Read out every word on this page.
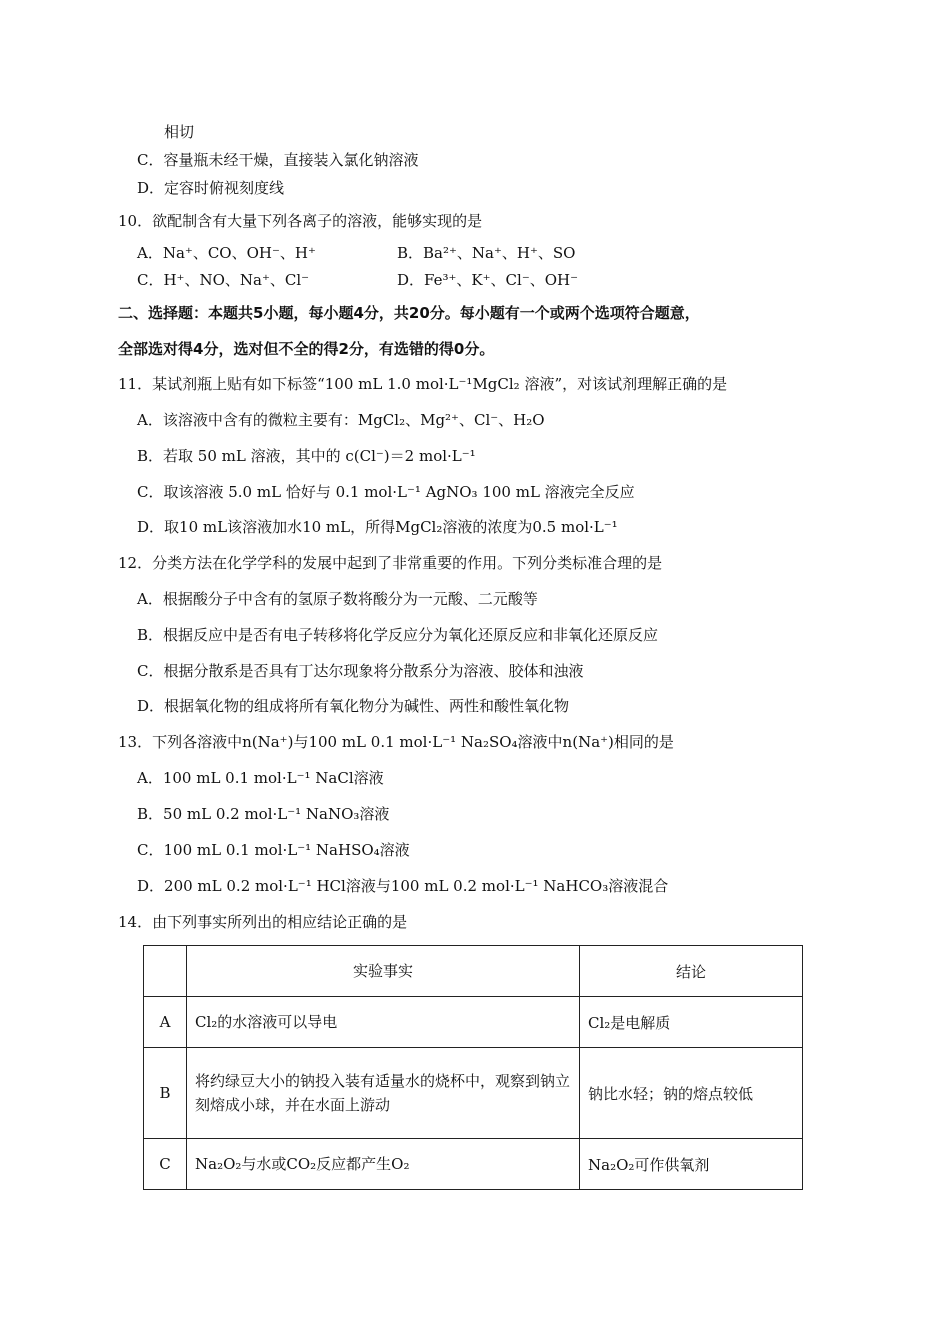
相切
C．容量瓶未经干燥，直接装入氯化钠溶液
D．定容时俯视刻度线
10．欲配制含有大量下列各离子的溶液，能够实现的是
A．Na⁺、CO、OH⁻、H⁺	B．Ba²⁺、Na⁺、H⁺、SO
C．H⁺、NO、Na⁺、Cl⁻	D．Fe³⁺、K⁺、Cl⁻、OH⁻
二、选择题：本题共5小题，每小题4分，共20分。每小题有一个或两个选项符合题意，
全部选对得4分，选对但不全的得2分，有选错的得0分。
11．某试剂瓶上贴有如下标签“100 mL 1.0 mol·L⁻¹MgCl₂ 溶液”，对该试剂理解正确的是
A．该溶液中含有的微粒主要有：MgCl₂、Mg²⁺、Cl⁻、H₂O
B．若取 50 mL 溶液，其中的 c(Cl⁻)＝2 mol·L⁻¹
C．取该溶液 5.0 mL 恰好与 0.1 mol·L⁻¹ AgNO₃ 100 mL 溶液完全反应
D．取10 mL该溶液加水10 mL，所得MgCl₂溶液的浓度为0.5 mol·L⁻¹
12．分类方法在化学学科的发展中起到了非常重要的作用。下列分类标准合理的是
A．根据酸分子中含有的氢原子数将酸分为一元酸、二元酸等
B．根据反应中是否有电子转移将化学反应分为氧化还原反应和非氧化还原反应
C．根据分散系是否具有丁达尔现象将分散系分为溶液、胶体和浊液
D．根据氧化物的组成将所有氧化物分为碱性、两性和酸性氧化物
13．下列各溶液中n(Na⁺)与100 mL 0.1 mol·L⁻¹ Na₂SO₄溶液中n(Na⁺)相同的是
A．100 mL 0.1 mol·L⁻¹ NaCl溶液
B．50 mL 0.2 mol·L⁻¹ NaNO₃溶液
C．100 mL 0.1 mol·L⁻¹ NaHSO₄溶液
D．200 mL 0.2 mol·L⁻¹ HCl溶液与100 mL 0.2 mol·L⁻¹ NaHCO₃溶液混合
14．由下列事实所列出的相应结论正确的是
	实验事实	结论
A	Cl₂的水溶液可以导电	Cl₂是电解质
B	将约绿豆大小的钠投入装有适量水的烧杯中，观察到钠立刻熔成小球，并在水面上游动	钠比水轻；钠的熔点较低
C	Na₂O₂与水或CO₂反应都产生O₂	Na₂O₂可作供氧剂
